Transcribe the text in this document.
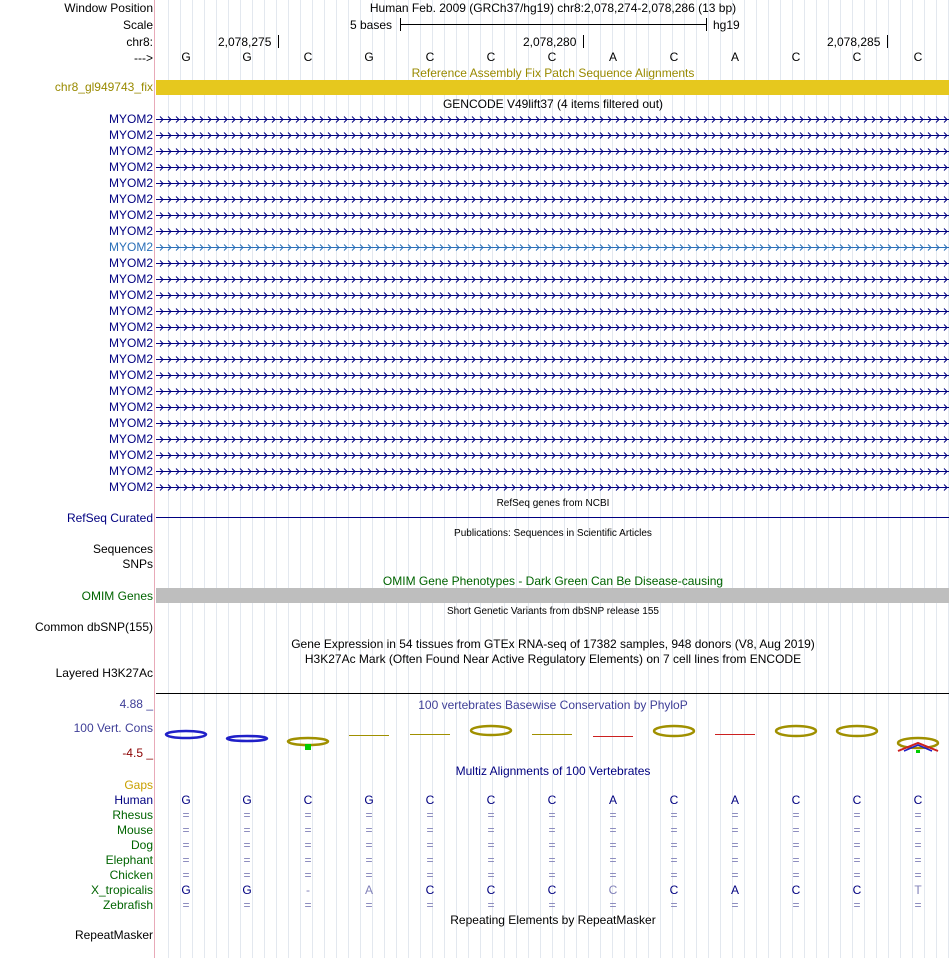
Window Position
Scale
chr8:
--->
Human Feb. 2009 (GRCh37/hg19) chr8:2,078,274-2,078,286 (13 bp)
5 bases	hg19
2,078,275	2,078,280	2,078,285
G	G	C	G	C	C	C	A	C	A	C	C	C
Reference Assembly Fix Patch Sequence Alignments
chr8_gl949743_fix
GENCODE V49lift37 (4 items filtered out)
MYOM2
MYOM2
MYOM2
MYOM2
MYOM2
MYOM2
MYOM2
MYOM2
MYOM2
MYOM2
MYOM2
MYOM2
MYOM2
MYOM2
MYOM2
MYOM2
MYOM2
MYOM2
MYOM2
MYOM2
MYOM2
MYOM2
MYOM2
MYOM2
RefSeq genes from NCBI
RefSeq Curated
Publications: Sequences in Scientific Articles
Sequences
SNPs
OMIM Gene Phenotypes - Dark Green Can Be Disease-causing
OMIM Genes
Short Genetic Variants from dbSNP release 155
Common dbSNP(155)
Gene Expression in 54 tissues from GTEx RNA-seq of 17382 samples, 948 donors (V8, Aug 2019)
H3K27Ac Mark (Often Found Near Active Regulatory Elements) on 7 cell lines from ENCODE
Layered H3K27Ac
100 vertebrates Basewise Conservation by PhyloP
4.88 _
100 Vert. Cons
-4.5 _
Multiz Alignments of 100 Vertebrates
Gaps
Human	G	G	C	G	C	C	C	A	C	A	C	C	C
Rhesus	=	=	=	=	=	=	=	=	=	=	=	=	=
Mouse	=	=	=	=	=	=	=	=	=	=	=	=	=
Dog	=	=	=	=	=	=	=	=	=	=	=	=	=
Elephant	=	=	=	=	=	=	=	=	=	=	=	=	=
Chicken	=	=	=	=	=	=	=	=	=	=	=	=	=
X_tropicalis	G	G	-	A	C	C	C	C	C	A	C	C	T
Zebrafish	=	=	=	=	=	=	=	=	=	=	=	=	=
Repeating Elements by RepeatMasker
RepeatMasker
